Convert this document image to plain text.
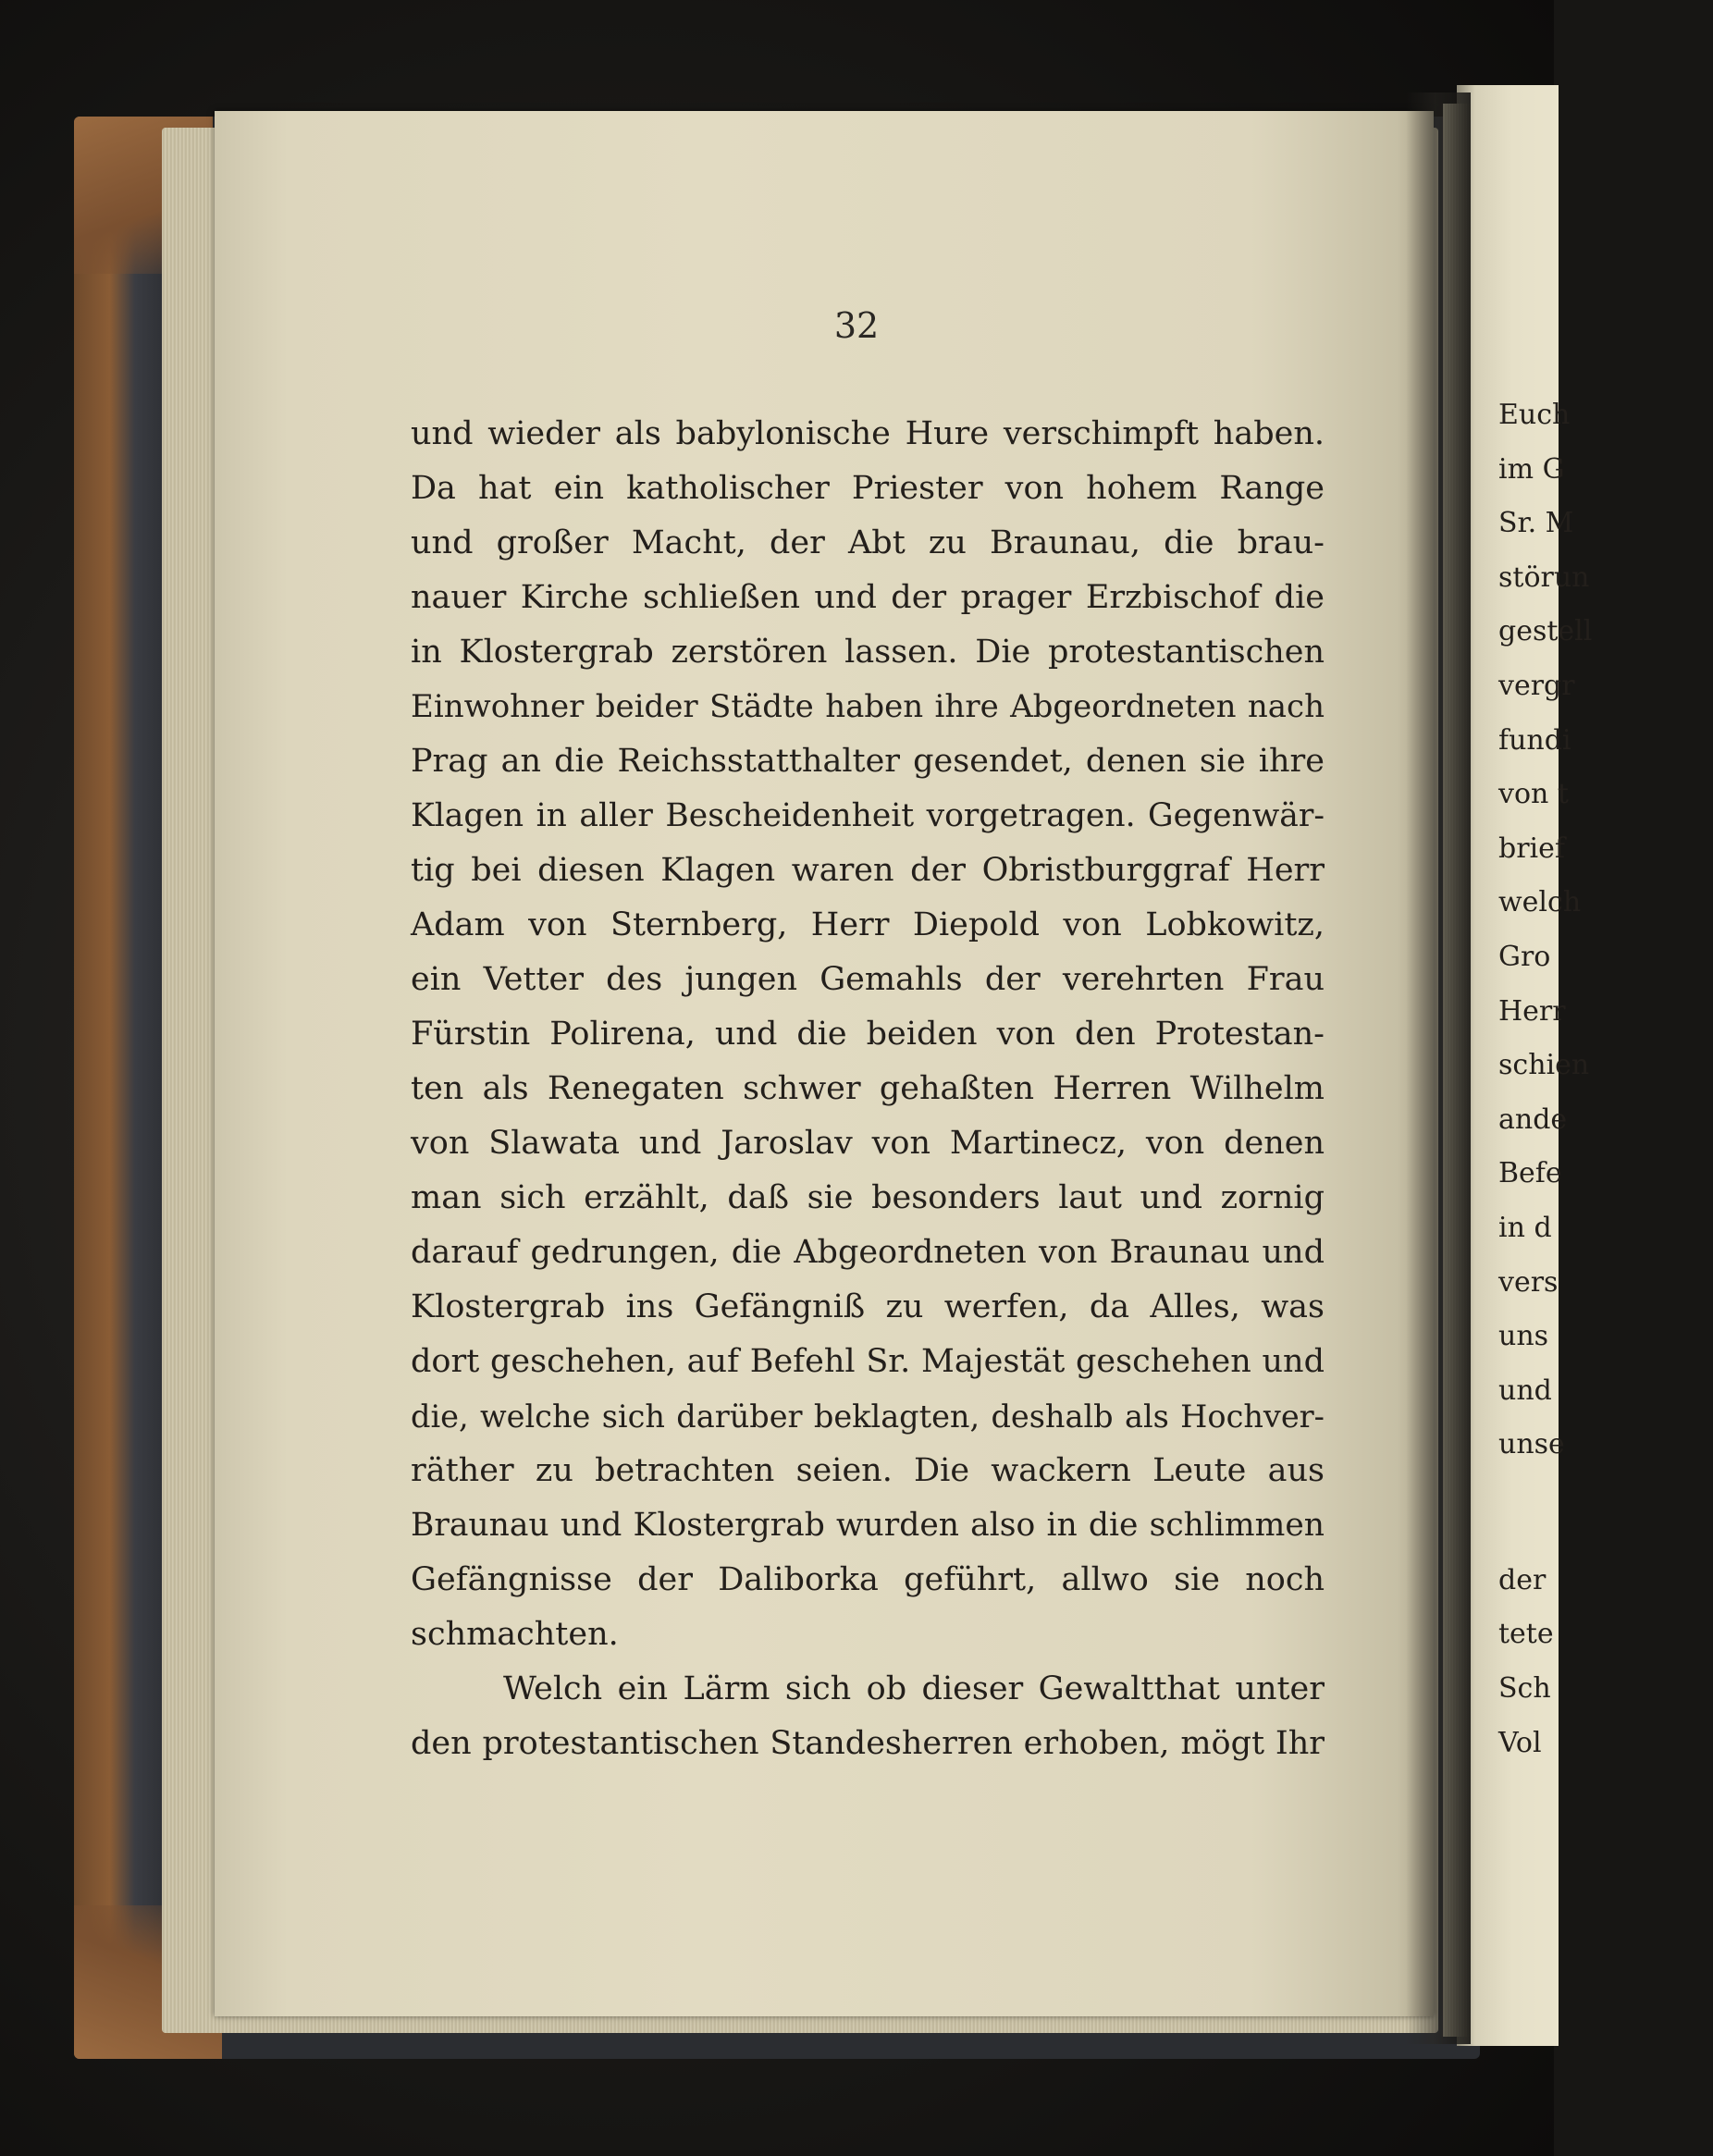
32
und wieder als babylonische Hure verschimpft haben.
Da hat ein katholischer Priester von hohem Range
und großer Macht, der Abt zu Braunau, die brau-
nauer Kirche schließen und der prager Erzbischof die
in Klostergrab zerstören lassen. Die protestantischen
Einwohner beider Städte haben ihre Abgeordneten nach
Prag an die Reichsstatthalter gesendet, denen sie ihre
Klagen in aller Bescheidenheit vorgetragen. Gegenwär-
tig bei diesen Klagen waren der Obristburggraf Herr
Adam von Sternberg, Herr Diepold von Lobkowitz,
ein Vetter des jungen Gemahls der verehrten Frau
Fürstin Polirena, und die beiden von den Protestan-
ten als Renegaten schwer gehaßten Herren Wilhelm
von Slawata und Jaroslav von Martinecz, von denen
man sich erzählt, daß sie besonders laut und zornig
darauf gedrungen, die Abgeordneten von Braunau und
Klostergrab ins Gefängniß zu werfen, da Alles, was
dort geschehen, auf Befehl Sr. Majestät geschehen und
die, welche sich darüber beklagten, deshalb als Hochver-
räther zu betrachten seien. Die wackern Leute aus
Braunau und Klostergrab wurden also in die schlimmen
Gefängnisse der Daliborka geführt, allwo sie noch
schmachten.
Welch ein Lärm sich ob dieser Gewaltthat unter
den protestantischen Standesherren erhoben, mögt Ihr
Euch
im G
Sr. M
störun
gestell
vergr
fundi
von t
brief
welch
Gro
Herr
schien
ande
Befe
in d
vers
uns
und
unse
der
tete
Sch
Vol
